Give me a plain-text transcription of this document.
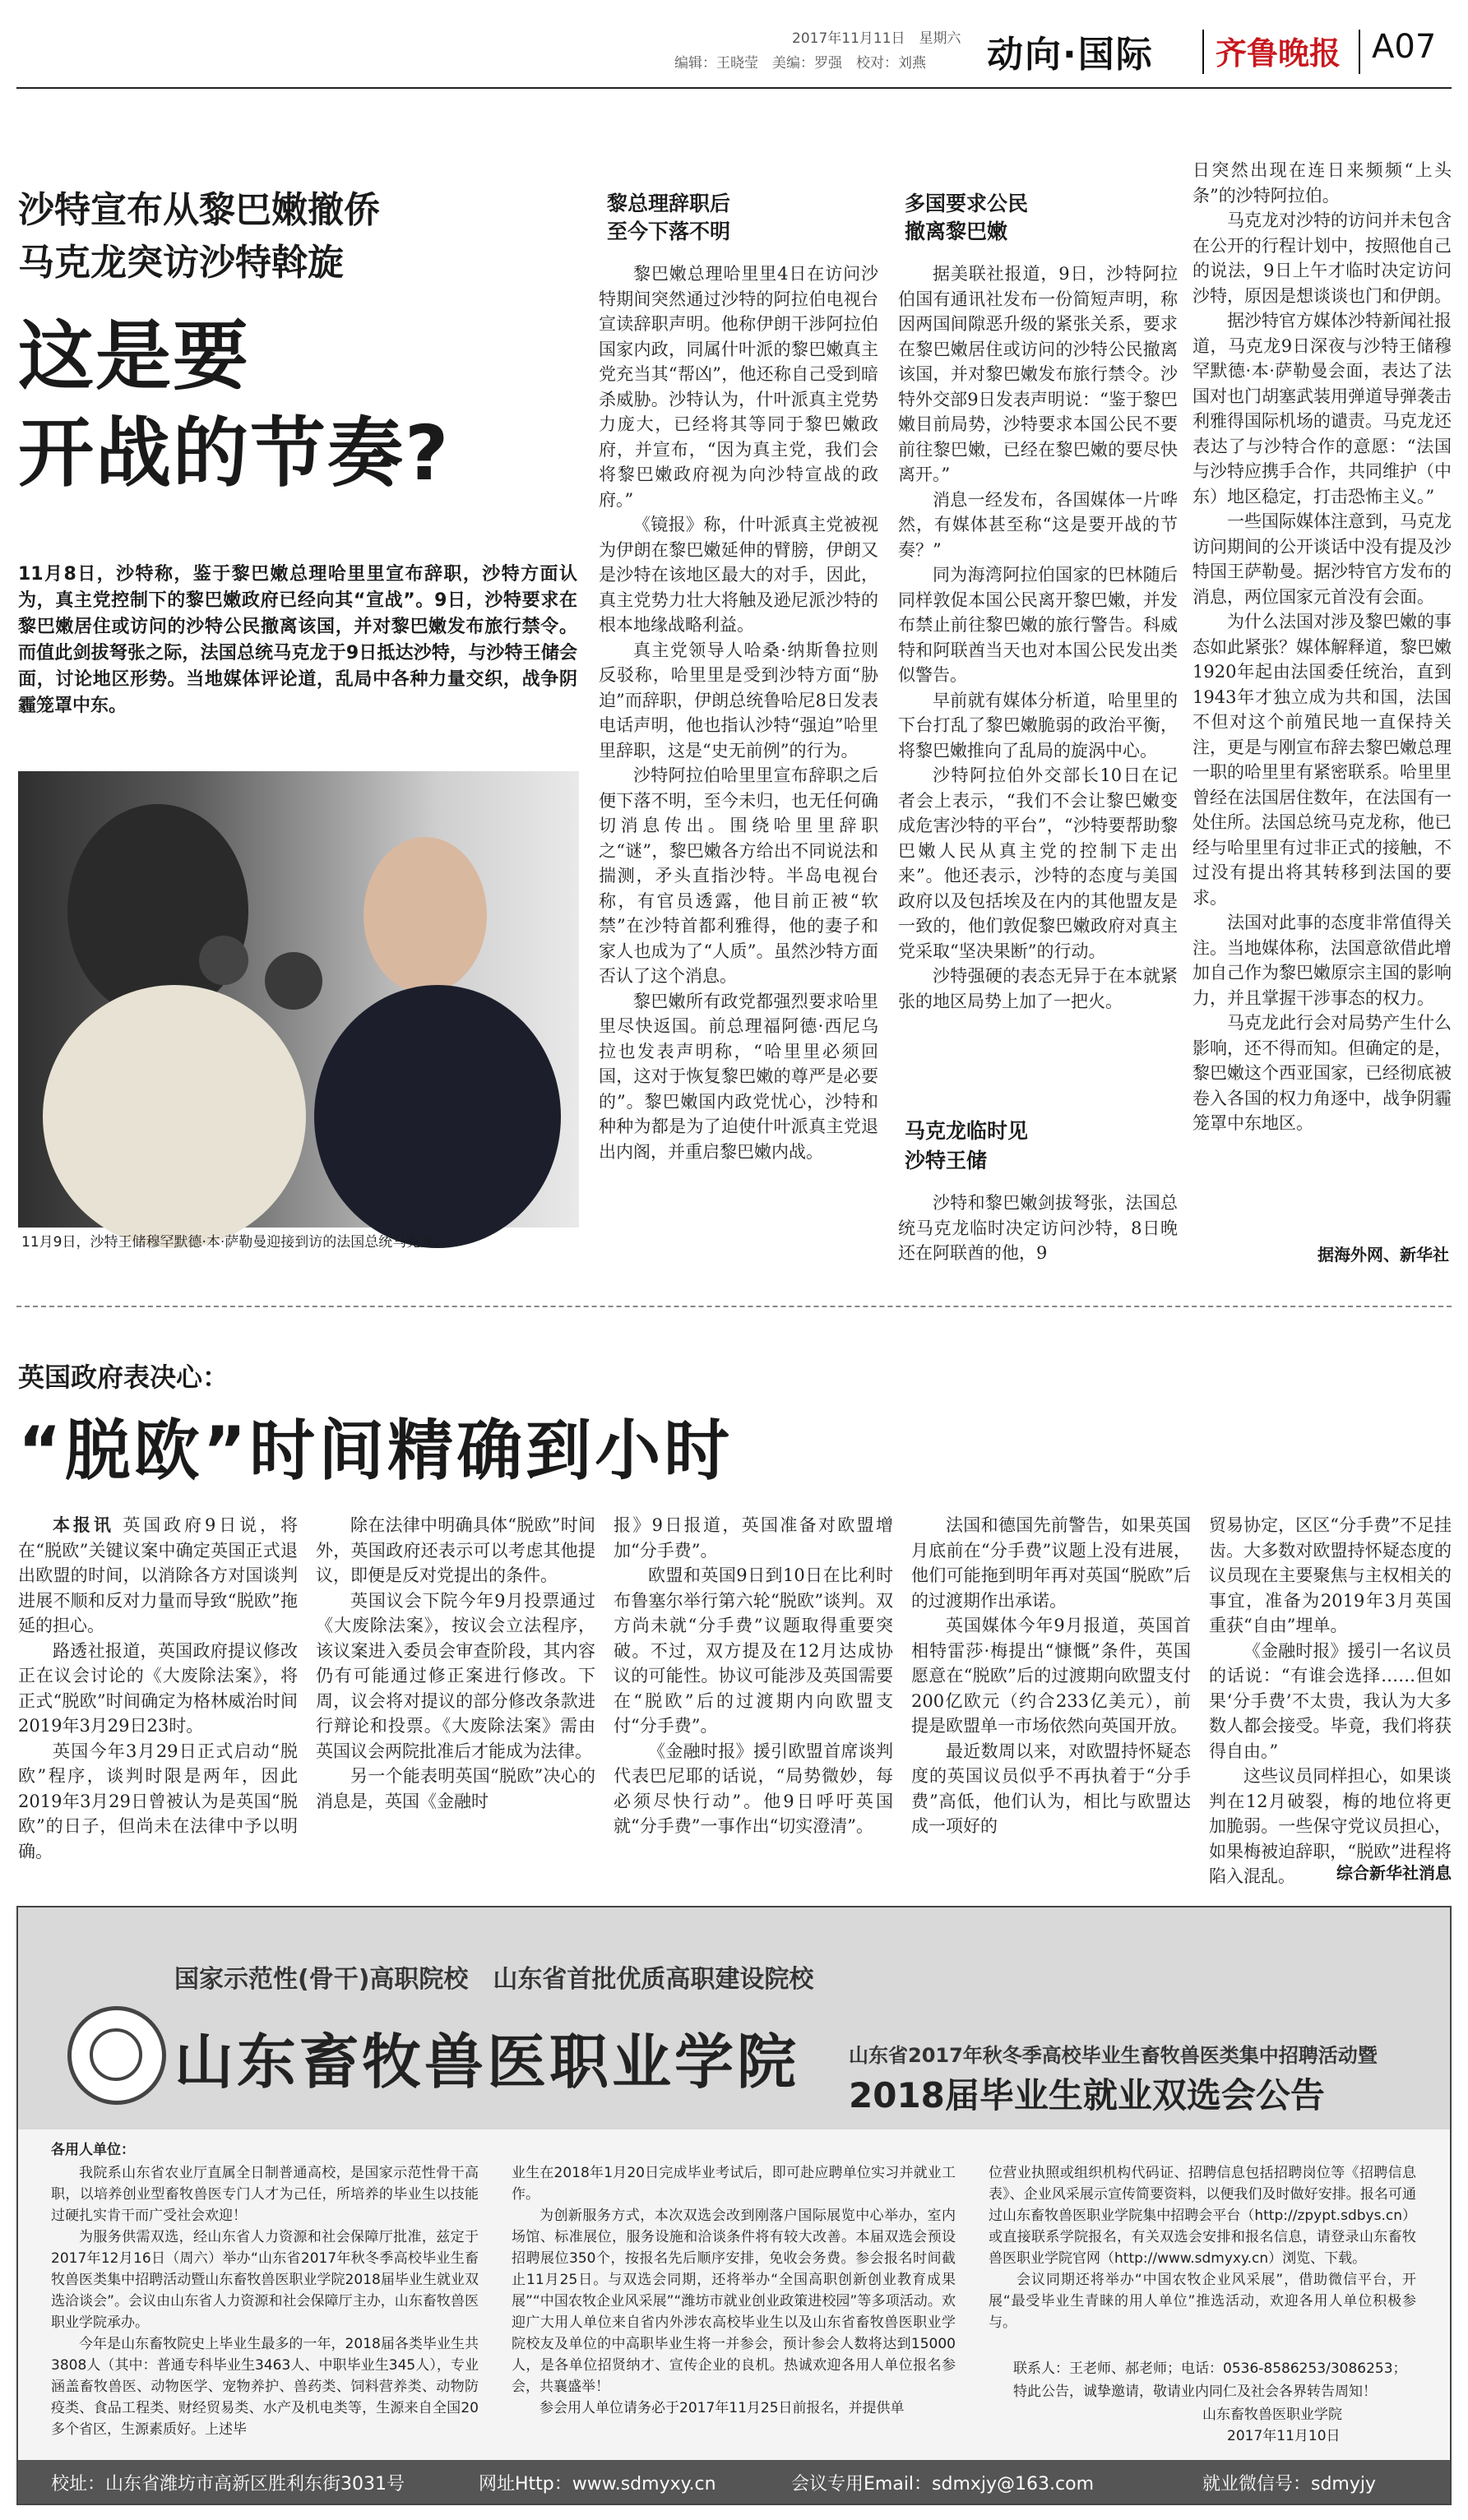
2017年11月11日　星期六
编辑：王晓莹　美编：罗强　校对：刘燕 动向·国际 齐鲁晚报 A07
沙特宣布从黎巴嫩撤侨
马克龙突访沙特斡旋
这是要
开战的节奏?
11月8日，沙特称，鉴于黎巴嫩总理哈里里宣布辞职，沙特方面认为，真主党控制下的黎巴嫩政府已经向其“宣战”。9日，沙特要求在黎巴嫩居住或访问的沙特公民撤离该国，并对黎巴嫩发布旅行禁令。而值此剑拔弩张之际，法国总统马克龙于9日抵达沙特，与沙特王储会面，讨论地区形势。当地媒体评论道，乱局中各种力量交织，战争阴霾笼罩中东。
11月9日，沙特王储穆罕默德·本·萨勒曼迎接到访的法国总统马克龙。
黎总理辞职后
至今下落不明

黎巴嫩总理哈里里4日在访问沙特期间突然通过沙特的阿拉伯电视台宣读辞职声明。他称伊朗干涉阿拉伯国家内政，同属什叶派的黎巴嫩真主党充当其“帮凶”，他还称自己受到暗杀威胁。沙特认为，什叶派真主党势力庞大，已经将其等同于黎巴嫩政府，并宣布，“因为真主党，我们会将黎巴嫩政府视为向沙特宣战的政府。”

《镜报》称，什叶派真主党被视为伊朗在黎巴嫩延伸的臂膀，伊朗又是沙特在该地区最大的对手，因此，真主党势力壮大将触及逊尼派沙特的根本地缘战略利益。

真主党领导人哈桑·纳斯鲁拉则反驳称，哈里里是受到沙特方面“胁迫”而辞职，伊朗总统鲁哈尼8日发表电话声明，他也指认沙特“强迫”哈里里辞职，这是“史无前例”的行为。

沙特阿拉伯哈里里宣布辞职之后便下落不明，至今未归，也无任何确切消息传出。围绕哈里里辞职之“谜”，黎巴嫩各方给出不同说法和揣测，矛头直指沙特。半岛电视台称，有官员透露，他目前正被“软禁”在沙特首都利雅得，他的妻子和家人也成为了“人质”。虽然沙特方面否认了这个消息。

黎巴嫩所有政党都强烈要求哈里里尽快返国。前总理福阿德·西尼乌拉也发表声明称，“哈里里必须回国，这对于恢复黎巴嫩的尊严是必要的”。黎巴嫩国内政党忧心，沙特和种种为都是为了迫使什叶派真主党退出内阁，并重启黎巴嫩内战。

多国要求公民
撤离黎巴嫩

据美联社报道，9日，沙特阿拉伯国有通讯社发布一份简短声明，称因两国间隙恶升级的紧张关系，要求在黎巴嫩居住或访问的沙特公民撤离该国，并对黎巴嫩发布旅行禁令。沙特外交部9日发表声明说：“鉴于黎巴嫩目前局势，沙特要求本国公民不要前往黎巴嫩，已经在黎巴嫩的要尽快离开。”

消息一经发布，各国媒体一片哗然，有媒体甚至称“这是要开战的节奏？”

同为海湾阿拉伯国家的巴林随后同样敦促本国公民离开黎巴嫩，并发布禁止前往黎巴嫩的旅行警告。科威特和阿联酋当天也对本国公民发出类似警告。

早前就有媒体分析道，哈里里的下台打乱了黎巴嫩脆弱的政治平衡，将黎巴嫩推向了乱局的旋涡中心。

沙特阿拉伯外交部长10日在记者会上表示，“我们不会让黎巴嫩变成危害沙特的平台”，“沙特要帮助黎巴嫩人民从真主党的控制下走出来”。他还表示，沙特的态度与美国政府以及包括埃及在内的其他盟友是一致的，他们敦促黎巴嫩政府对真主党采取“坚决果断”的行动。

沙特强硬的表态无异于在本就紧张的地区局势上加了一把火。

马克龙临时见
沙特王储

沙特和黎巴嫩剑拔弩张，法国总统马克龙临时决定访问沙特，8日晚还在阿联酋的他，9

日突然出现在连日来频频“上头条”的沙特阿拉伯。

马克龙对沙特的访问并未包含在公开的行程计划中，按照他自己的说法，9日上午才临时决定访问沙特，原因是想谈谈也门和伊朗。

据沙特官方媒体沙特新闻社报道，马克龙9日深夜与沙特王储穆罕默德·本·萨勒曼会面，表达了法国对也门胡塞武装用弹道导弹袭击利雅得国际机场的谴责。马克龙还表达了与沙特合作的意愿：“法国与沙特应携手合作，共同维护（中东）地区稳定，打击恐怖主义。”

一些国际媒体注意到，马克龙访问期间的公开谈话中没有提及沙特国王萨勒曼。据沙特官方发布的消息，两位国家元首没有会面。

为什么法国对涉及黎巴嫩的事态如此紧张？媒体解释道，黎巴嫩1920年起由法国委任统治，直到1943年才独立成为共和国，法国不但对这个前殖民地一直保持关注，更是与刚宣布辞去黎巴嫩总理一职的哈里里有紧密联系。哈里里曾经在法国居住数年，在法国有一处住所。法国总统马克龙称，他已经与哈里里有过非正式的接触，不过没有提出将其转移到法国的要求。

法国对此事的态度非常值得关注。当地媒体称，法国意欲借此增加自己作为黎巴嫩原宗主国的影响力，并且掌握干涉事态的权力。

马克龙此行会对局势产生什么影响，还不得而知。但确定的是，黎巴嫩这个西亚国家，已经彻底被卷入各国的权力角逐中，战争阴霾笼罩中东地区。

据海外网、新华社
英国政府表决心：
“脱欧”时间精确到小时

本报讯 英国政府9日说，将在“脱欧”关键议案中确定英国正式退出欧盟的时间，以消除各方对国谈判进展不顺和反对力量而导致“脱欧”拖延的担心。

路透社报道，英国政府提议修改正在议会讨论的《大废除法案》，将正式“脱欧”时间确定为格林威治时间2019年3月29日23时。

英国今年3月29日正式启动“脱欧”程序，谈判时限是两年，因此2019年3月29日曾被认为是英国“脱欧”的日子，但尚未在法律中予以明确。

除在法律中明确具体“脱欧”时间外，英国政府还表示可以考虑其他提议，即便是反对党提出的条件。

英国议会下院今年9月投票通过《大废除法案》，按议会立法程序，该议案进入委员会审查阶段，其内容仍有可能通过修正案进行修改。下周，议会将对提议的部分修改条款进行辩论和投票。《大废除法案》需由英国议会两院批准后才能成为法律。

另一个能表明英国“脱欧”决心的消息是，英国《金融时

报》9日报道，英国准备对欧盟增加“分手费”。

欧盟和英国9日到10日在比利时布鲁塞尔举行第六轮“脱欧”谈判。双方尚未就“分手费”议题取得重要突破。不过，双方提及在12月达成协议的可能性。协议可能涉及英国需要在“脱欧”后的过渡期内向欧盟支付“分手费”。

《金融时报》援引欧盟首席谈判代表巴尼耶的话说，“局势微妙，每必须尽快行动”。他9日呼吁英国就“分手费”一事作出“切实澄清”。

法国和德国先前警告，如果英国月底前在“分手费”议题上没有进展，他们可能拖到明年再对英国“脱欧”后的过渡期作出承诺。

英国媒体今年9月报道，英国首相特雷莎·梅提出“慷慨”条件，英国愿意在“脱欧”后的过渡期向欧盟支付200亿欧元（约合233亿美元），前提是欧盟单一市场依然向英国开放。

最近数周以来，对欧盟持怀疑态度的英国议员似乎不再执着于“分手费”高低，他们认为，相比与欧盟达成一项好的

贸易协定，区区“分手费”不足挂齿。大多数对欧盟持怀疑态度的议员现在主要聚焦与主权相关的事宜，准备为2019年3月英国重获“自由”埋单。

《金融时报》援引一名议员的话说：“有谁会选择……但如果‘分手费’不太贵，我认为大多数人都会接受。毕竟，我们将获得自由。”

这些议员同样担心，如果谈判在12月破裂，梅的地位将更加脆弱。一些保守党议员担心，如果梅被迫辞职，“脱欧”进程将陷入混乱。	综合新华社消息
国家示范性(骨干)高职院校　山东省首批优质高职建设院校
山东畜牧兽医职业学院 山东省2017年秋冬季高校毕业生畜牧兽医类集中招聘活动暨
2018届毕业生就业双选会公告
各用人单位：

我院系山东省农业厅直属全日制普通高校，是国家示范性骨干高职，以培养创业型畜牧兽医专门人才为己任，所培养的毕业生以技能过硬扎实肯干而广受社会欢迎！

为服务供需双选，经山东省人力资源和社会保障厅批准，兹定于2017年12月16日（周六）举办“山东省2017年秋冬季高校毕业生畜牧兽医类集中招聘活动暨山东畜牧兽医职业学院2018届毕业生就业双选洽谈会”。会议由山东省人力资源和社会保障厅主办，山东畜牧兽医职业学院承办。

今年是山东畜牧院史上毕业生最多的一年，2018届各类毕业生共3808人（其中：普通专科毕业生3463人、中职毕业生345人），专业涵盖畜牧兽医、动物医学、宠物养护、兽药类、饲料营养类、动物防疫类、食品工程类、财经贸易类、水产及机电类等，生源来自全国20多个省区，生源素质好。上述毕

业生在2018年1月20日完成毕业考试后，即可赴应聘单位实习并就业工作。

为创新服务方式，本次双选会改到刚落户国际展览中心举办，室内场馆、标准展位，服务设施和洽谈条件将有较大改善。本届双选会预设招聘展位350个，按报名先后顺序安排，免收会务费。参会报名时间截止11月25日。与双选会同期，还将举办“全国高职创新创业教育成果展”“中国农牧企业风采展”“潍坊市就业创业政策进校园”等多项活动。欢迎广大用人单位来自省内外涉农高校毕业生以及山东省畜牧兽医职业学院校友及单位的中高职毕业生将一并参会，预计参会人数将达到15000人，是各单位招贤纳才、宣传企业的良机。热诚欢迎各用人单位报名参会，共襄盛举！

参会用人单位请务必于2017年11月25日前报名，并提供单

位营业执照或组织机构代码证、招聘信息包括招聘岗位等《招聘信息表》、企业风采展示宣传简要资料，以便我们及时做好安排。报名可通过山东畜牧兽医职业学院集中招聘会平台（http://zpypt.sdbys.cn）或直接联系学院报名，有关双选会安排和报名信息，请登录山东畜牧兽医职业学院官网（http://www.sdmyxy.cn）浏览、下载。

会议同期还将举办“中国农牧企业风采展”，借助微信平台，开展“最受毕业生青睐的用人单位”推选活动，欢迎各用人单位积极参与。

联系人：王老师、郝老师；电话：0536-8586253/3086253；
特此公告，诚挚邀请，敬请业内同仁及社会各界转告周知！
山东畜牧兽医职业学院
2017年11月10日
校址：山东省潍坊市高新区胜利东街3031号	网址Http：www.sdmyxy.cn	会议专用Email：sdmxjy@163.com	就业微信号：sdmyjy
